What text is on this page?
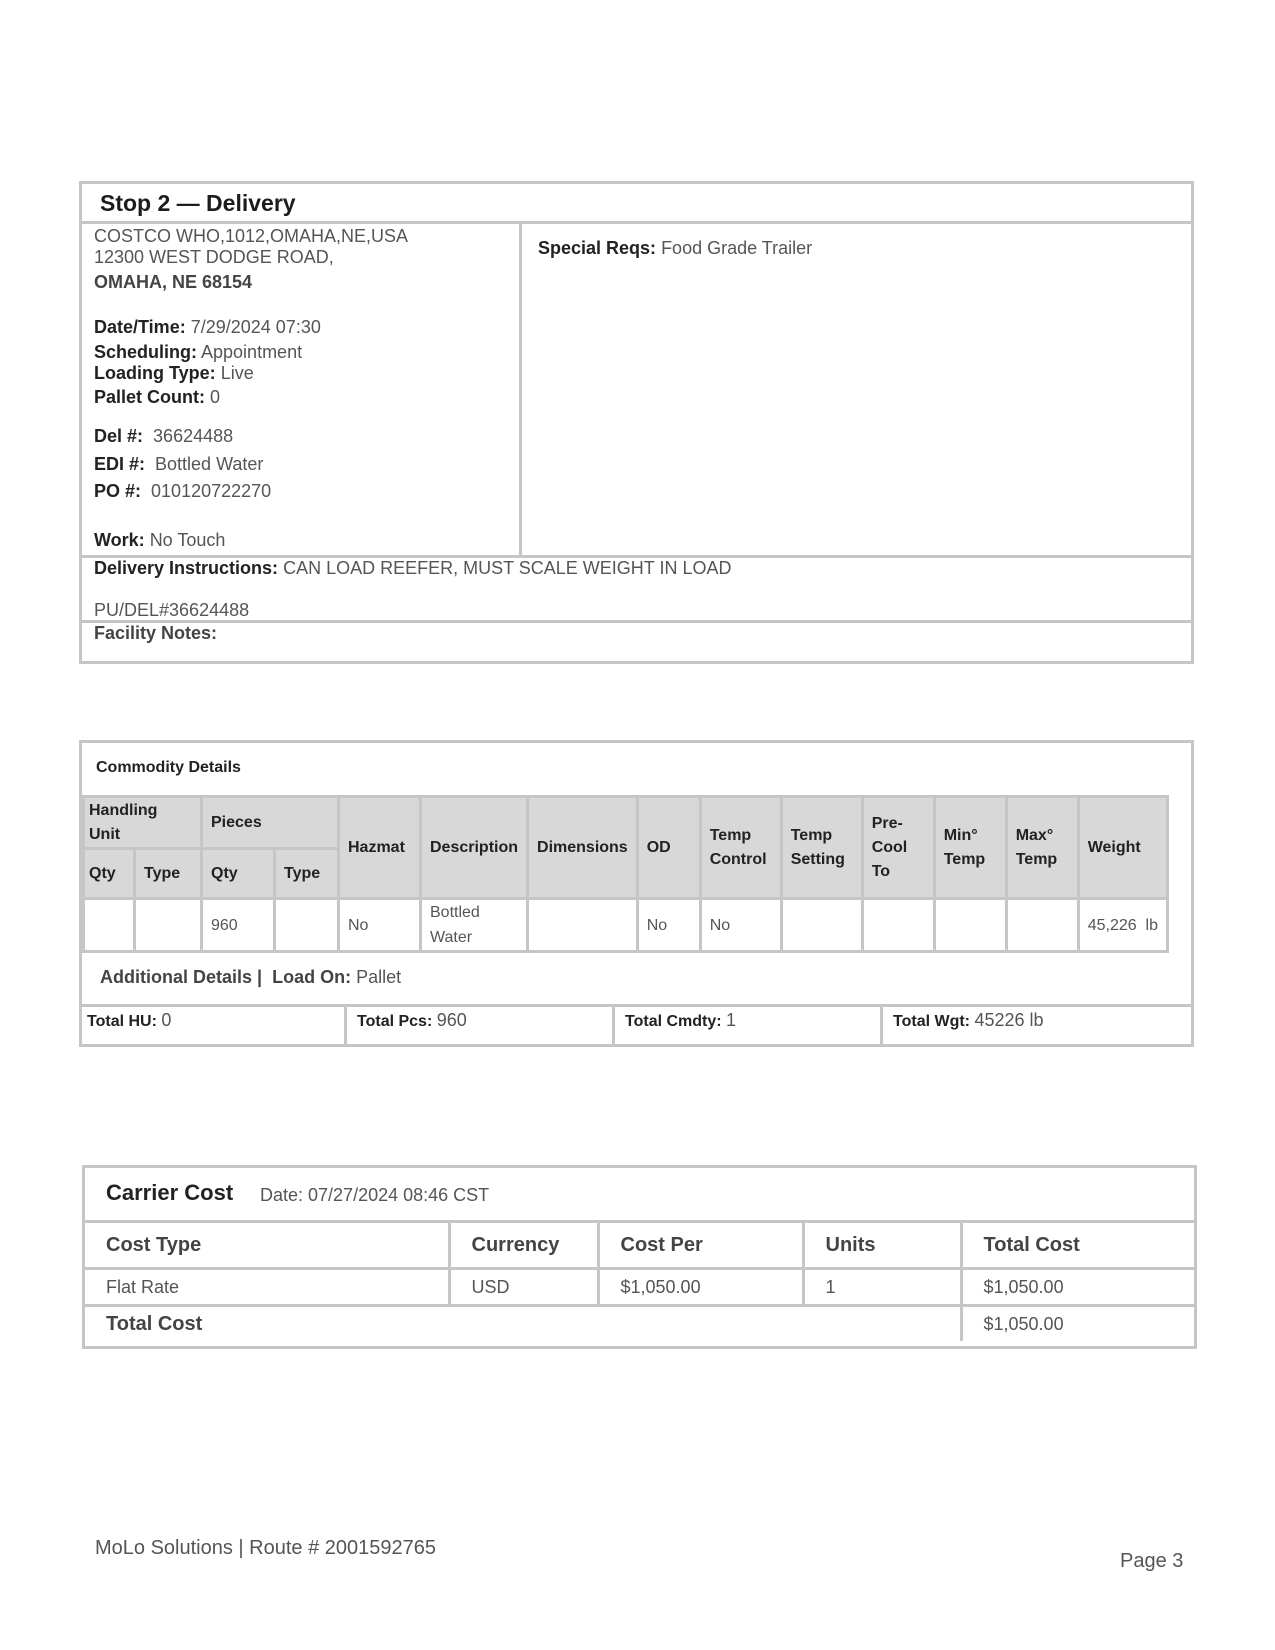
Stop 2 — Delivery
COSTCO WHO,1012,OMAHA,NE,USA
12300 WEST DODGE ROAD,
OMAHA, NE 68154
Date/Time: 7/29/2024 07:30
Scheduling: Appointment
Loading Type: Live
Pallet Count: 0
Del #: 36624488
EDI #: Bottled Water
PO #: 010120722270
Work: No Touch
Special Reqs: Food Grade Trailer
Delivery Instructions: CAN LOAD REEFER, MUST SCALE WEIGHT IN LOAD
PU/DEL#36624488
Facility Notes:
Commodity Details
Handling Unit		Pieces		Hazmat	Description	Dimensions	OD	Temp Control	Temp Setting	Pre-Cool To	Min° Temp	Max° Temp	Weight
Qty	Type	Qty	Type										
		960		No	Bottled Water		No	No					45,226  lb
Additional Details | Load On: Pallet
Total HU: 0	Total Pcs: 960	Total Cmdty: 1	Total Wgt: 45226 lb
Carrier Cost Date: 07/27/2024 08:46 CST
Cost Type	Currency	Cost Per	Units	Total Cost
Flat Rate	USD	$1,050.00	1	$1,050.00
Total Cost				$1,050.00
MoLo Solutions | Route # 2001592765
Page 3
